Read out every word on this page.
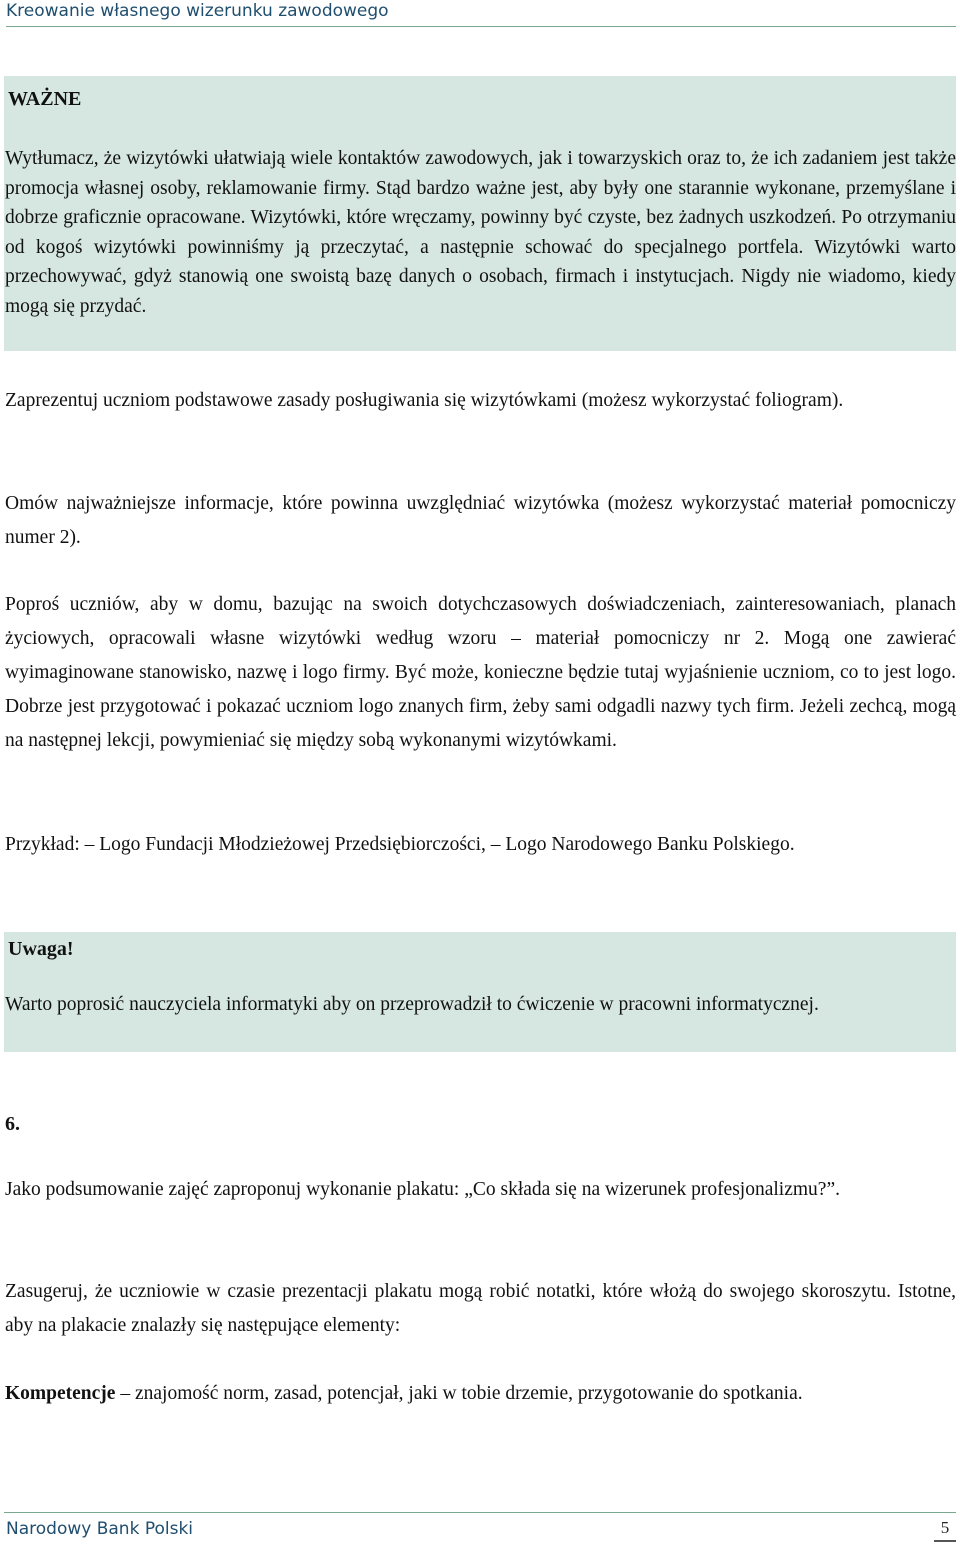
Kreowanie własnego wizerunku zawodowego
WAŻNE
Wytłumacz, że wizytówki ułatwiają wiele kontaktów zawodowych, jak i towarzyskich oraz to, że ich zadaniem jest także promocja własnej osoby, reklamowanie firmy. Stąd bardzo ważne jest, aby były one starannie wykonane, przemyślane i dobrze graficznie opracowane. Wizytówki, które wręczamy, powinny być czyste, bez żadnych uszkodzeń. Po otrzymaniu od kogoś wizytówki powinniśmy ją przeczytać, a następnie schować do specjalnego portfela. Wizytówki warto przechowywać, gdyż stanowią one swoistą bazę danych o osobach, firmach i instytucjach. Nigdy nie wiadomo, kiedy mogą się przydać.
Zaprezentuj uczniom podstawowe zasady posługiwania się wizytówkami (możesz wykorzystać foliogram).
Omów najważniejsze informacje, które powinna uwzględniać wizytówka (możesz wykorzystać materiał pomocniczy numer 2).
Poproś uczniów, aby w domu, bazując na swoich dotychczasowych doświadczeniach, zainteresowaniach, planach życiowych, opracowali własne wizytówki według wzoru – materiał pomocniczy nr 2. Mogą one zawierać wyimaginowane stanowisko, nazwę i logo firmy. Być może, konieczne będzie tutaj wyjaśnienie uczniom, co to jest logo. Dobrze jest przygotować i pokazać uczniom logo znanych firm, żeby sami odgadli nazwy tych firm. Jeżeli zechcą, mogą na następnej lekcji, powymieniać się między sobą wykonanymi wizytówkami.
Przykład: – Logo Fundacji Młodzieżowej Przedsiębiorczości, – Logo Narodowego Banku Polskiego.
Uwaga!
Warto poprosić nauczyciela informatyki aby on przeprowadził to ćwiczenie w pracowni informatycznej.
6.
Jako podsumowanie zajęć zaproponuj wykonanie plakatu: „Co składa się na wizerunek profesjonalizmu?”.
Zasugeruj, że uczniowie w czasie prezentacji plakatu mogą robić notatki, które włożą do swojego skoroszytu. Istotne, aby na plakacie znalazły się następujące elementy:
Kompetencje – znajomość norm, zasad, potencjał, jaki w tobie drzemie, przygotowanie do spotkania.
Narodowy Bank Polski	5
